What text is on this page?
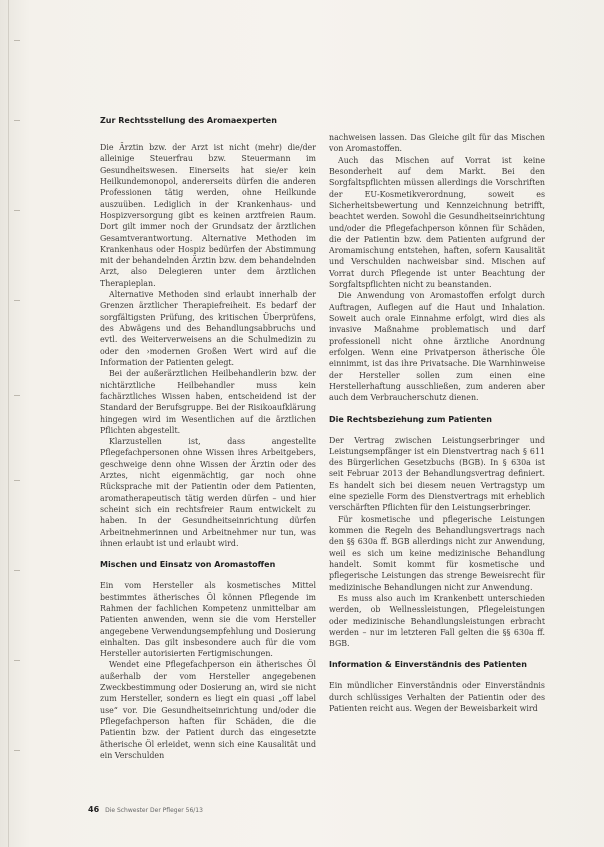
Zur Rechtsstellung des Aromaexperten

Die Ärztin bzw. der Arzt ist nicht (mehr) die/der alleinige Steuerfrau bzw. Steuermann im Gesundheitswesen. Einerseits hat sie/er kein Heilkundemonopol, andererseits dürfen die anderen Professionen tätig werden, ohne Heilkunde auszuüben. Lediglich in der Krankenhaus- und Hospizversorgung gibt es keinen arztfreien Raum. Dort gilt immer noch der Grundsatz der ärztlichen Gesamtverantwortung. Alternative Methoden im Krankenhaus oder Hospiz bedürfen der Abstimmung mit der behandelnden Ärztin bzw. dem behandelnden Arzt, also Delegieren unter dem ärztlichen Therapieplan.

Alternative Methoden sind erlaubt innerhalb der Grenzen ärztlicher Therapiefreiheit. Es bedarf der sorgfältigsten Prüfung, des kritischen Überprüfens, des Abwägens und des Behandlungsabbruchs und evtl. des Weiterverweisens an die Schulmedizin zu oder den ›modernen Großen Wert wird auf die Information der Patienten gelegt.

Bei der außerärztlichen Heilbehandlerin bzw. der nichtärztliche Heilbehandler muss kein fachärztliches Wissen haben, entscheidend ist der Standard der Berufsgruppe. Bei der Risikoaufklärung hingegen wird im Wesentlichen auf die ärztlichen Pflichten abgestellt.

Klarzustellen ist, dass angestellte Pflegefachpersonen ohne Wissen ihres Arbeitgebers, geschweige denn ohne Wissen der Ärztin oder des Arztes, nicht eigenmächtig, gar noch ohne Rücksprache mit der Patientin oder dem Patienten, aromatherapeutisch tätig werden dürfen – und hier scheint sich ein rechtsfreier Raum entwickelt zu haben. In der Gesundheitseinrichtung dürfen Arbeitnehmerinnen und Arbeitnehmer nur tun, was ihnen erlaubt ist und erlaubt wird.

Mischen und Einsatz von Aromastoffen

Ein vom Hersteller als kosmetisches Mittel bestimmtes ätherisches Öl können Pflegende im Rahmen der fachlichen Kompetenz unmittelbar am Patienten anwenden, wenn sie die vom Hersteller angegebene Verwendungsempfehlung und Dosierung einhalten. Das gilt insbesondere auch für die vom Hersteller autorisierten Fertigmischungen.

Wendet eine Pflegefachperson ein ätherisches Öl außerhalb der vom Hersteller angegebenen Zweckbestimmung oder Dosierung an, wird sie nicht zum Hersteller, sondern es liegt ein quasi „off label use“ vor. Die Gesundheitseinrichtung und/oder die Pflegefachperson haften für Schäden, die die Patientin bzw. der Patient durch das eingesetzte ätherische Öl erleidet, wenn sich eine Kausalität und ein Verschulden

nachweisen lassen. Das Gleiche gilt für das Mischen von Aromastoffen.

Auch das Mischen auf Vorrat ist keine Besonderheit auf dem Markt. Bei den Sorgfaltspflichten müssen allerdings die Vorschriften der EU-Kosmetikverordnung, soweit es Sicherheitsbewertung und Kennzeichnung betrifft, beachtet werden. Sowohl die Gesundheitseinrichtung und/oder die Pflegefachperson können für Schäden, die der Patientin bzw. dem Patienten aufgrund der Aromamischung entstehen, haften, sofern Kausalität und Verschulden nachweisbar sind. Mischen auf Vorrat durch Pflegende ist unter Beachtung der Sorgfaltspflichten nicht zu beanstanden.

Die Anwendung von Aromastoffen erfolgt durch Auftragen, Auflegen auf die Haut und Inhalation. Soweit auch orale Einnahme erfolgt, wird dies als invasive Maßnahme problematisch und darf professionell nicht ohne ärztliche Anordnung erfolgen. Wenn eine Privatperson ätherische Öle einnimmt, ist das ihre Privatsache. Die Warnhinweise der Hersteller sollen zum einen eine Herstellerhaftung ausschließen, zum anderen aber auch dem Verbraucherschutz dienen.

Die Rechtsbeziehung zum Patienten

Der Vertrag zwischen Leistungserbringer und Leistungsempfänger ist ein Dienstvertrag nach § 611 des Bürgerlichen Gesetzbuchs (BGB). In § 630a ist seit Februar 2013 der Behandlungsvertrag definiert. Es handelt sich bei diesem neuen Vertragstyp um eine spezielle Form des Dienstvertrags mit erheblich verschärften Pflichten für den Leistungserbringer.

Für kosmetische und pflegerische Leistungen kommen die Regeln des Behandlungsvertrags nach den §§ 630a ff. BGB allerdings nicht zur Anwendung, weil es sich um keine medizinische Behandlung handelt. Somit kommt für kosmetische und pflegerische Leistungen das strenge Beweisrecht für medizinische Behandlungen nicht zur Anwendung.

Es muss also auch im Krankenbett unterschieden werden, ob Wellnessleistungen, Pflegeleistungen oder medizinische Behandlungsleistungen erbracht werden – nur im letzteren Fall gelten die §§ 630a ff. BGB.

Information & Einverständnis des Patienten

Ein mündlicher Einverständnis oder Einverständnis durch schlüssiges Verhalten der Patientin oder des Patienten reicht aus. Wegen der Beweisbarkeit wird

46 Die Schwester Der Pfleger 56/13
